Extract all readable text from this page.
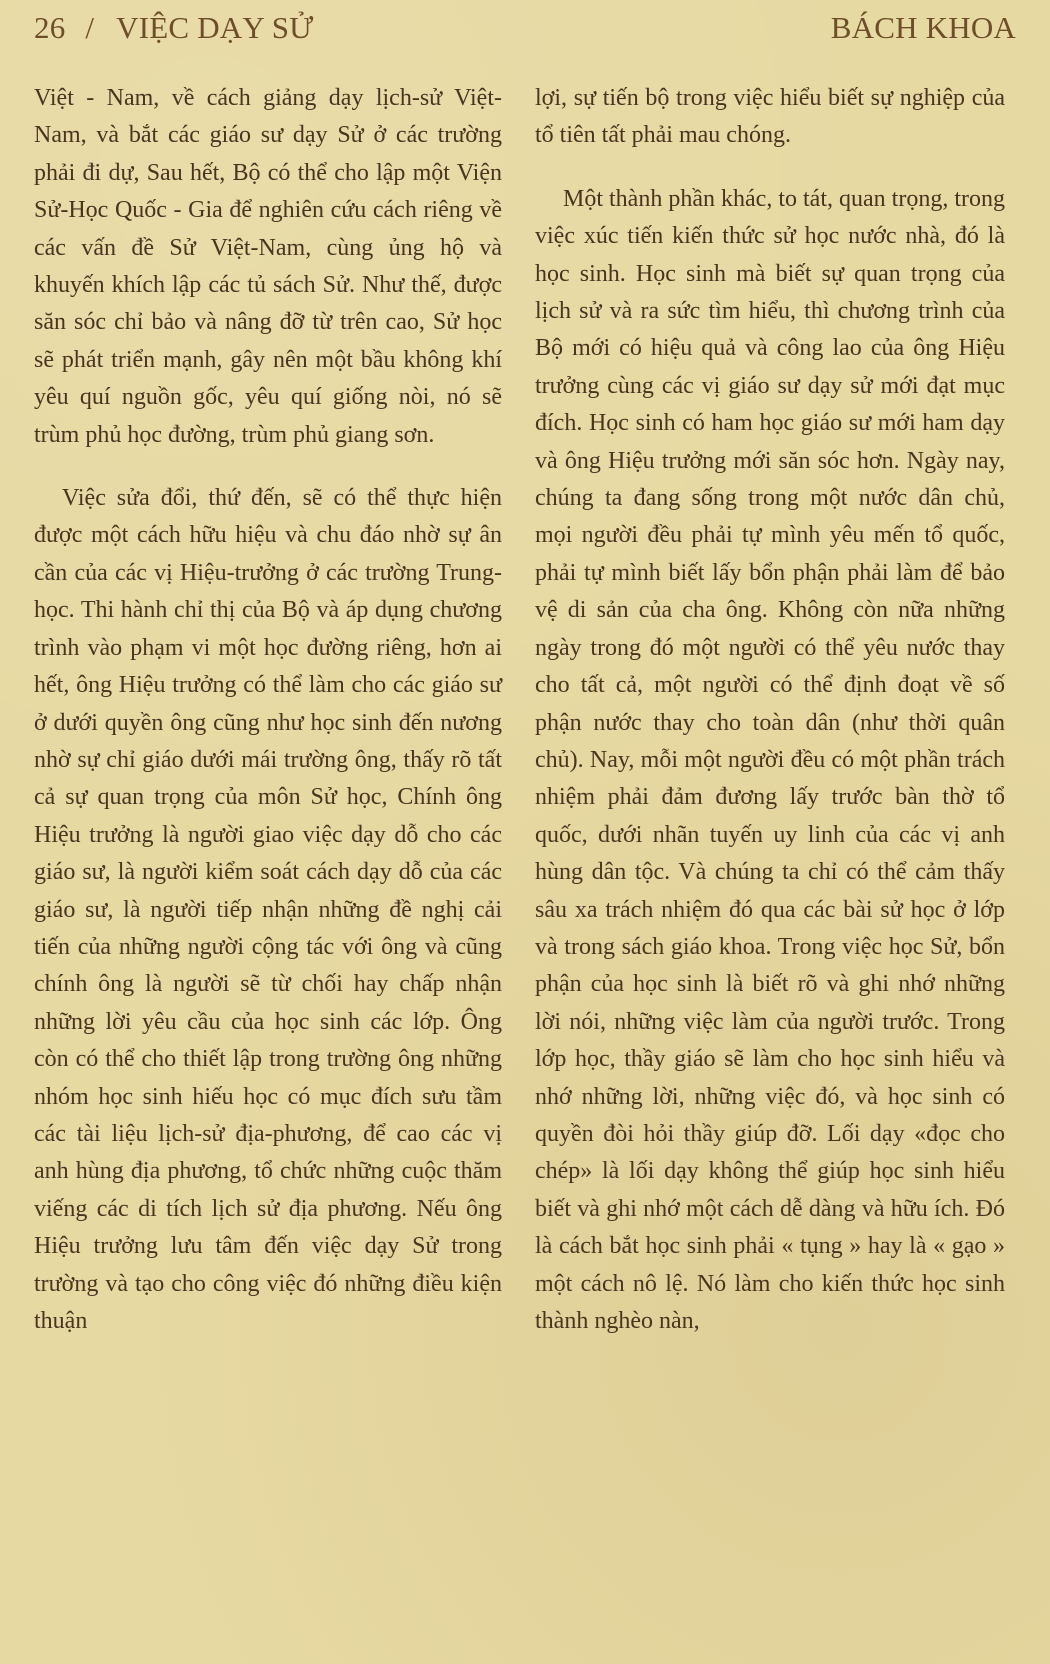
26 / VIỆC DẠY SỬ	BÁCH KHOA

Việt - Nam, về cách giảng dạy lịch-sử Việt-Nam, và bắt các giáo sư dạy Sử ở các trường phải đi dự, Sau hết, Bộ có thể cho lập một Viện Sử-Học Quốc - Gia để nghiên cứu cách riêng về các vấn đề Sử Việt-Nam, cùng ủng hộ và khuyến khích lập các tủ sách Sử. Như thế, được săn sóc chỉ bảo và nâng đỡ từ trên cao, Sử học sẽ phát triển mạnh, gây nên một bầu không khí yêu quí nguồn gốc, yêu quí giống nòi, nó sẽ trùm phủ học đường, trùm phủ giang sơn.

Việc sửa đổi, thứ đến, sẽ có thể thực hiện được một cách hữu hiệu và chu đáo nhờ sự ân cần của các vị Hiệu-trưởng ở các trường Trung-học. Thi hành chỉ thị của Bộ và áp dụng chương trình vào phạm vi một học đường riêng, hơn ai hết, ông Hiệu trưởng có thể làm cho các giáo sư ở dưới quyền ông cũng như học sinh đến nương nhờ sự chỉ giáo dưới mái trường ông, thấy rõ tất cả sự quan trọng của môn Sử học, Chính ông Hiệu trưởng là người giao việc dạy dỗ cho các giáo sư, là người kiểm soát cách dạy dỗ của các giáo sư, là người tiếp nhận những đề nghị cải tiến của những người cộng tác với ông và cũng chính ông là người sẽ từ chối hay chấp nhận những lời yêu cầu của học sinh các lớp. Ông còn có thể cho thiết lập trong trường ông những nhóm học sinh hiếu học có mục đích sưu tầm các tài liệu lịch-sử địa-phương, để cao các vị anh hùng địa phương, tổ chức những cuộc thăm viếng các di tích lịch sử địa phương. Nếu ông Hiệu trưởng lưu tâm đến việc dạy Sử trong trường và tạo cho công việc đó những điều kiện thuận

lợi, sự tiến bộ trong việc hiểu biết sự nghiệp của tổ tiên tất phải mau chóng.

Một thành phần khác, to tát, quan trọng, trong việc xúc tiến kiến thức sử học nước nhà, đó là học sinh. Học sinh mà biết sự quan trọng của lịch sử và ra sức tìm hiểu, thì chương trình của Bộ mới có hiệu quả và công lao của ông Hiệu trưởng cùng các vị giáo sư dạy sử mới đạt mục đích. Học sinh có ham học giáo sư mới ham dạy và ông Hiệu trưởng mới săn sóc hơn. Ngày nay, chúng ta đang sống trong một nước dân chủ, mọi người đều phải tự mình yêu mến tổ quốc, phải tự mình biết lấy bổn phận phải làm để bảo vệ di sản của cha ông. Không còn nữa những ngày trong đó một người có thể yêu nước thay cho tất cả, một người có thể định đoạt về số phận nước thay cho toàn dân (như thời quân chủ). Nay, mỗi một người đều có một phần trách nhiệm phải đảm đương lấy trước bàn thờ tổ quốc, dưới nhãn tuyến uy linh của các vị anh hùng dân tộc. Và chúng ta chỉ có thể cảm thấy sâu xa trách nhiệm đó qua các bài sử học ở lớp và trong sách giáo khoa. Trong việc học Sử, bổn phận của học sinh là biết rõ và ghi nhớ những lời nói, những việc làm của người trước. Trong lớp học, thầy giáo sẽ làm cho học sinh hiểu và nhớ những lời, những việc đó, và học sinh có quyền đòi hỏi thầy giúp đỡ. Lối dạy «đọc cho chép» là lối dạy không thể giúp học sinh hiểu biết và ghi nhớ một cách dễ dàng và hữu ích. Đó là cách bắt học sinh phải « tụng » hay là « gạo » một cách nô lệ. Nó làm cho kiến thức học sinh thành nghèo nàn,
